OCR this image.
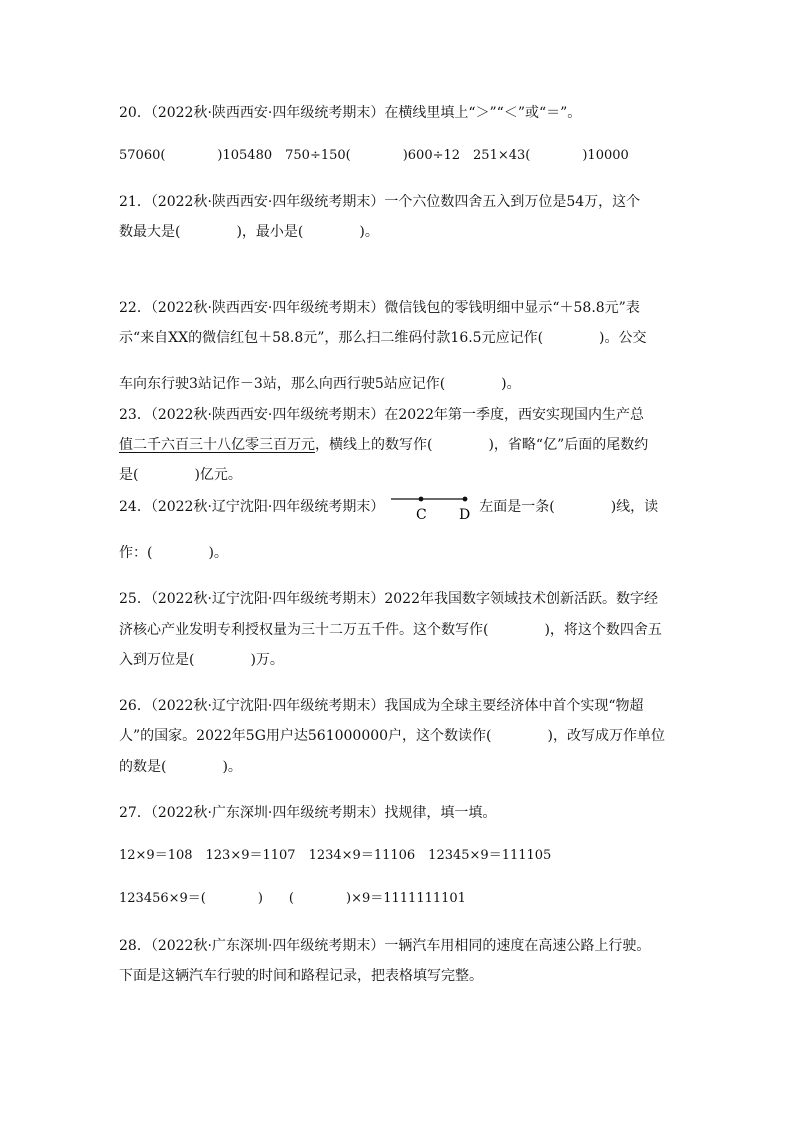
20．（2022秋·陕西西安·四年级统考期末）在横线里填上“＞”“＜”或“＝”。
57060(　　　　)105480　750÷150(　　　　)600÷12　251×43(　　　　)10000
21．（2022秋·陕西西安·四年级统考期末）一个六位数四舍五入到万位是54万，这个
数最大是(　　　　)，最小是(　　　　)。
22．（2022秋·陕西西安·四年级统考期末）微信钱包的零钱明细中显示“＋58.8元”表
示“来自XX的微信红包＋58.8元”，那么扫二维码付款16.5元应记作(　　　　)。公交
车向东行驶3站记作－3站，那么向西行驶5站应记作(　　　　)。
23．（2022秋·陕西西安·四年级统考期末）在2022年第一季度，西安实现国内生产总
值二千六百三十八亿零三百万元，横线上的数写作(　　　　)，省略“亿”后面的尾数约
是(　　　　)亿元。
24．（2022秋·辽宁沈阳·四年级统考期末） C D 左面是一条(　　　　)线，读
作：(　　　　)。
25．（2022秋·辽宁沈阳·四年级统考期末）2022年我国数字领域技术创新活跃。数字经
济核心产业发明专利授权量为三十二万五千件。这个数写作(　　　　)，将这个数四舍五
入到万位是(　　　　)万。
26．（2022秋·辽宁沈阳·四年级统考期末）我国成为全球主要经济体中首个实现“物超
人”的国家。2022年5G用户达561000000户，这个数读作(　　　　)，改写成万作单位
的数是(　　　　)。
27．（2022秋·广东深圳·四年级统考期末）找规律，填一填。
12×9＝108　123×9＝1107　1234×9＝11106　12345×9＝111105
123456×9＝(　　　　)　　(　　　　)×9＝1111111101
28．（2022秋·广东深圳·四年级统考期末）一辆汽车用相同的速度在高速公路上行驶。
下面是这辆汽车行驶的时间和路程记录，把表格填写完整。
